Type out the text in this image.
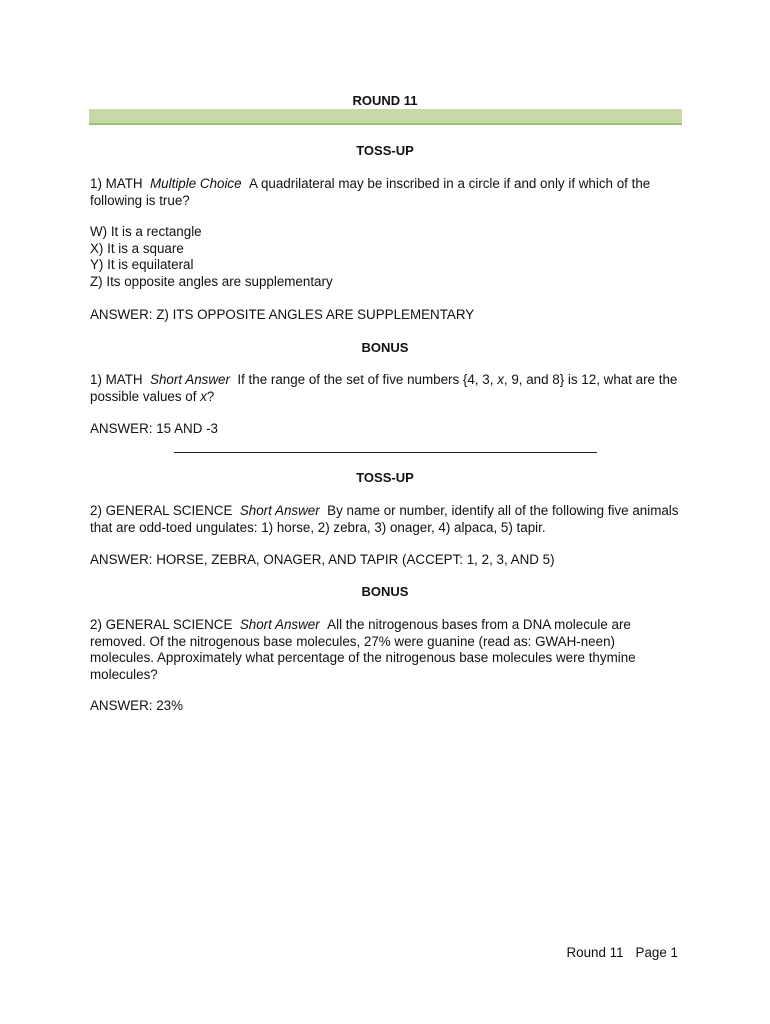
ROUND 11
TOSS-UP

1) MATH Multiple Choice A quadrilateral may be inscribed in a circle if and only if which of the following is true?

W) It is a rectangle
X) It is a square
Y) It is equilateral
Z) Its opposite angles are supplementary

ANSWER: Z) ITS OPPOSITE ANGLES ARE SUPPLEMENTARY

BONUS

1) MATH Short Answer If the range of the set of five numbers {4, 3, x, 9, and 8} is 12, what are the possible values of x?

ANSWER: 15 AND -3

TOSS-UP

2) GENERAL SCIENCE Short Answer By name or number, identify all of the following five animals that are odd-toed ungulates: 1) horse, 2) zebra, 3) onager, 4) alpaca, 5) tapir.

ANSWER: HORSE, ZEBRA, ONAGER, AND TAPIR (ACCEPT: 1, 2, 3, AND 5)

BONUS

2) GENERAL SCIENCE Short Answer All the nitrogenous bases from a DNA molecule are removed. Of the nitrogenous base molecules, 27% were guanine (read as: GWAH-neen) molecules. Approximately what percentage of the nitrogenous base molecules were thymine molecules?

ANSWER: 23%

Round 11 Page 1
